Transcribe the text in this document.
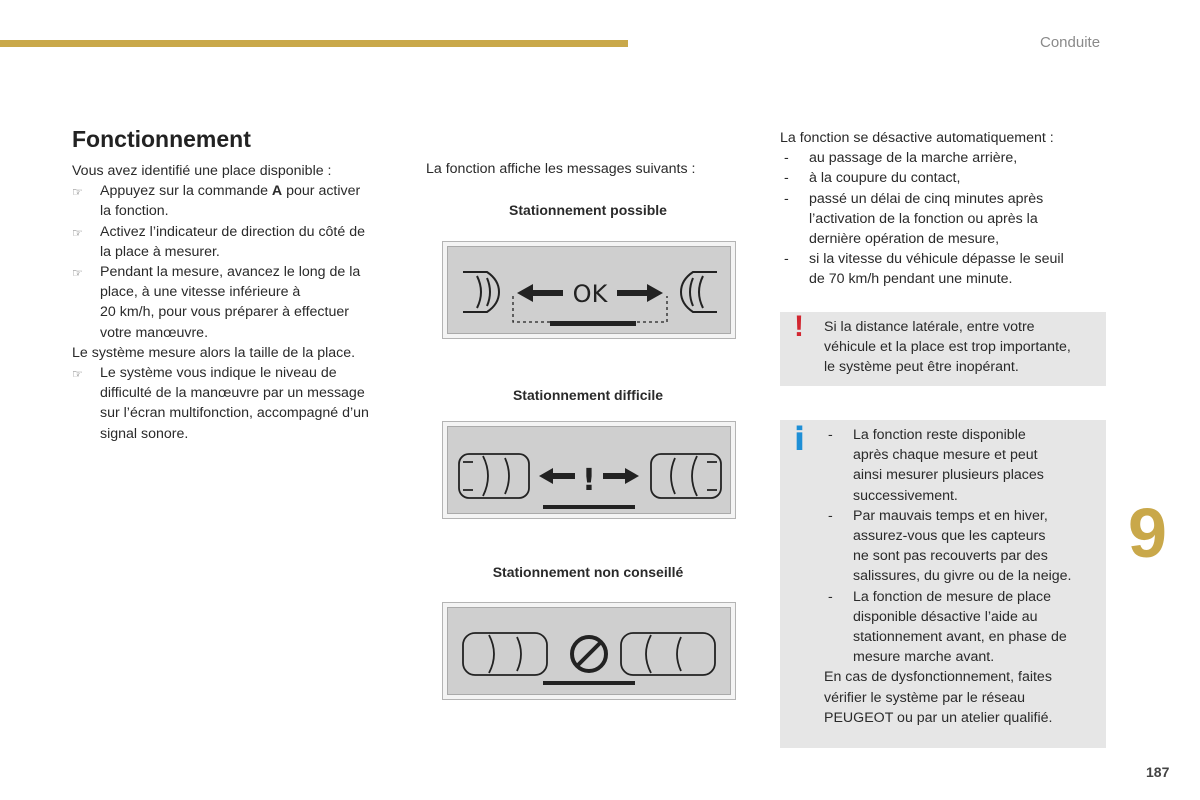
Conduite
9
187
Fonctionnement

Vous avez identifié une place disponible :

☞ Appuyez sur la commande A pour activer
la fonction.
☞ Activez l’indicateur de direction du côté de
la place à mesurer.
☞ Pendant la mesure, avancez le long de la
place, à une vitesse inférieure à
20 km/h, pour vous préparer à effectuer
votre manœuvre.

Le système mesure alors la taille de la place.

☞ Le système vous indique le niveau de
difficulté de la manœuvre par un message
sur l’écran multifonction, accompagné d’un
signal sonore.
La fonction affiche les messages suivants :
Stationnement possible
OK
Stationnement difficile
!
Stationnement non conseillé

La fonction se désactive automatiquement :

- au passage de la marche arrière,
- à la coupure du contact,
- passé un délai de cinq minutes après
l’activation de la fonction ou après la
dernière opération de mesure,
- si la vitesse du véhicule dépasse le seuil
de 70 km/h pendant une minute.
! Si la distance latérale, entre votre
véhicule et la place est trop importante,
le système peut être inopérant.
i - La fonction reste disponible
après chaque mesure et peut
ainsi mesurer plusieurs places
successivement.
- Par mauvais temps et en hiver,
assurez-vous que les capteurs
ne sont pas recouverts par des
salissures, du givre ou de la neige.
- La fonction de mesure de place
disponible désactive l’aide au
stationnement avant, en phase de
mesure marche avant.

En cas de dysfonctionnement, faites
vérifier le système par le réseau
PEUGEOT ou par un atelier qualifié.
